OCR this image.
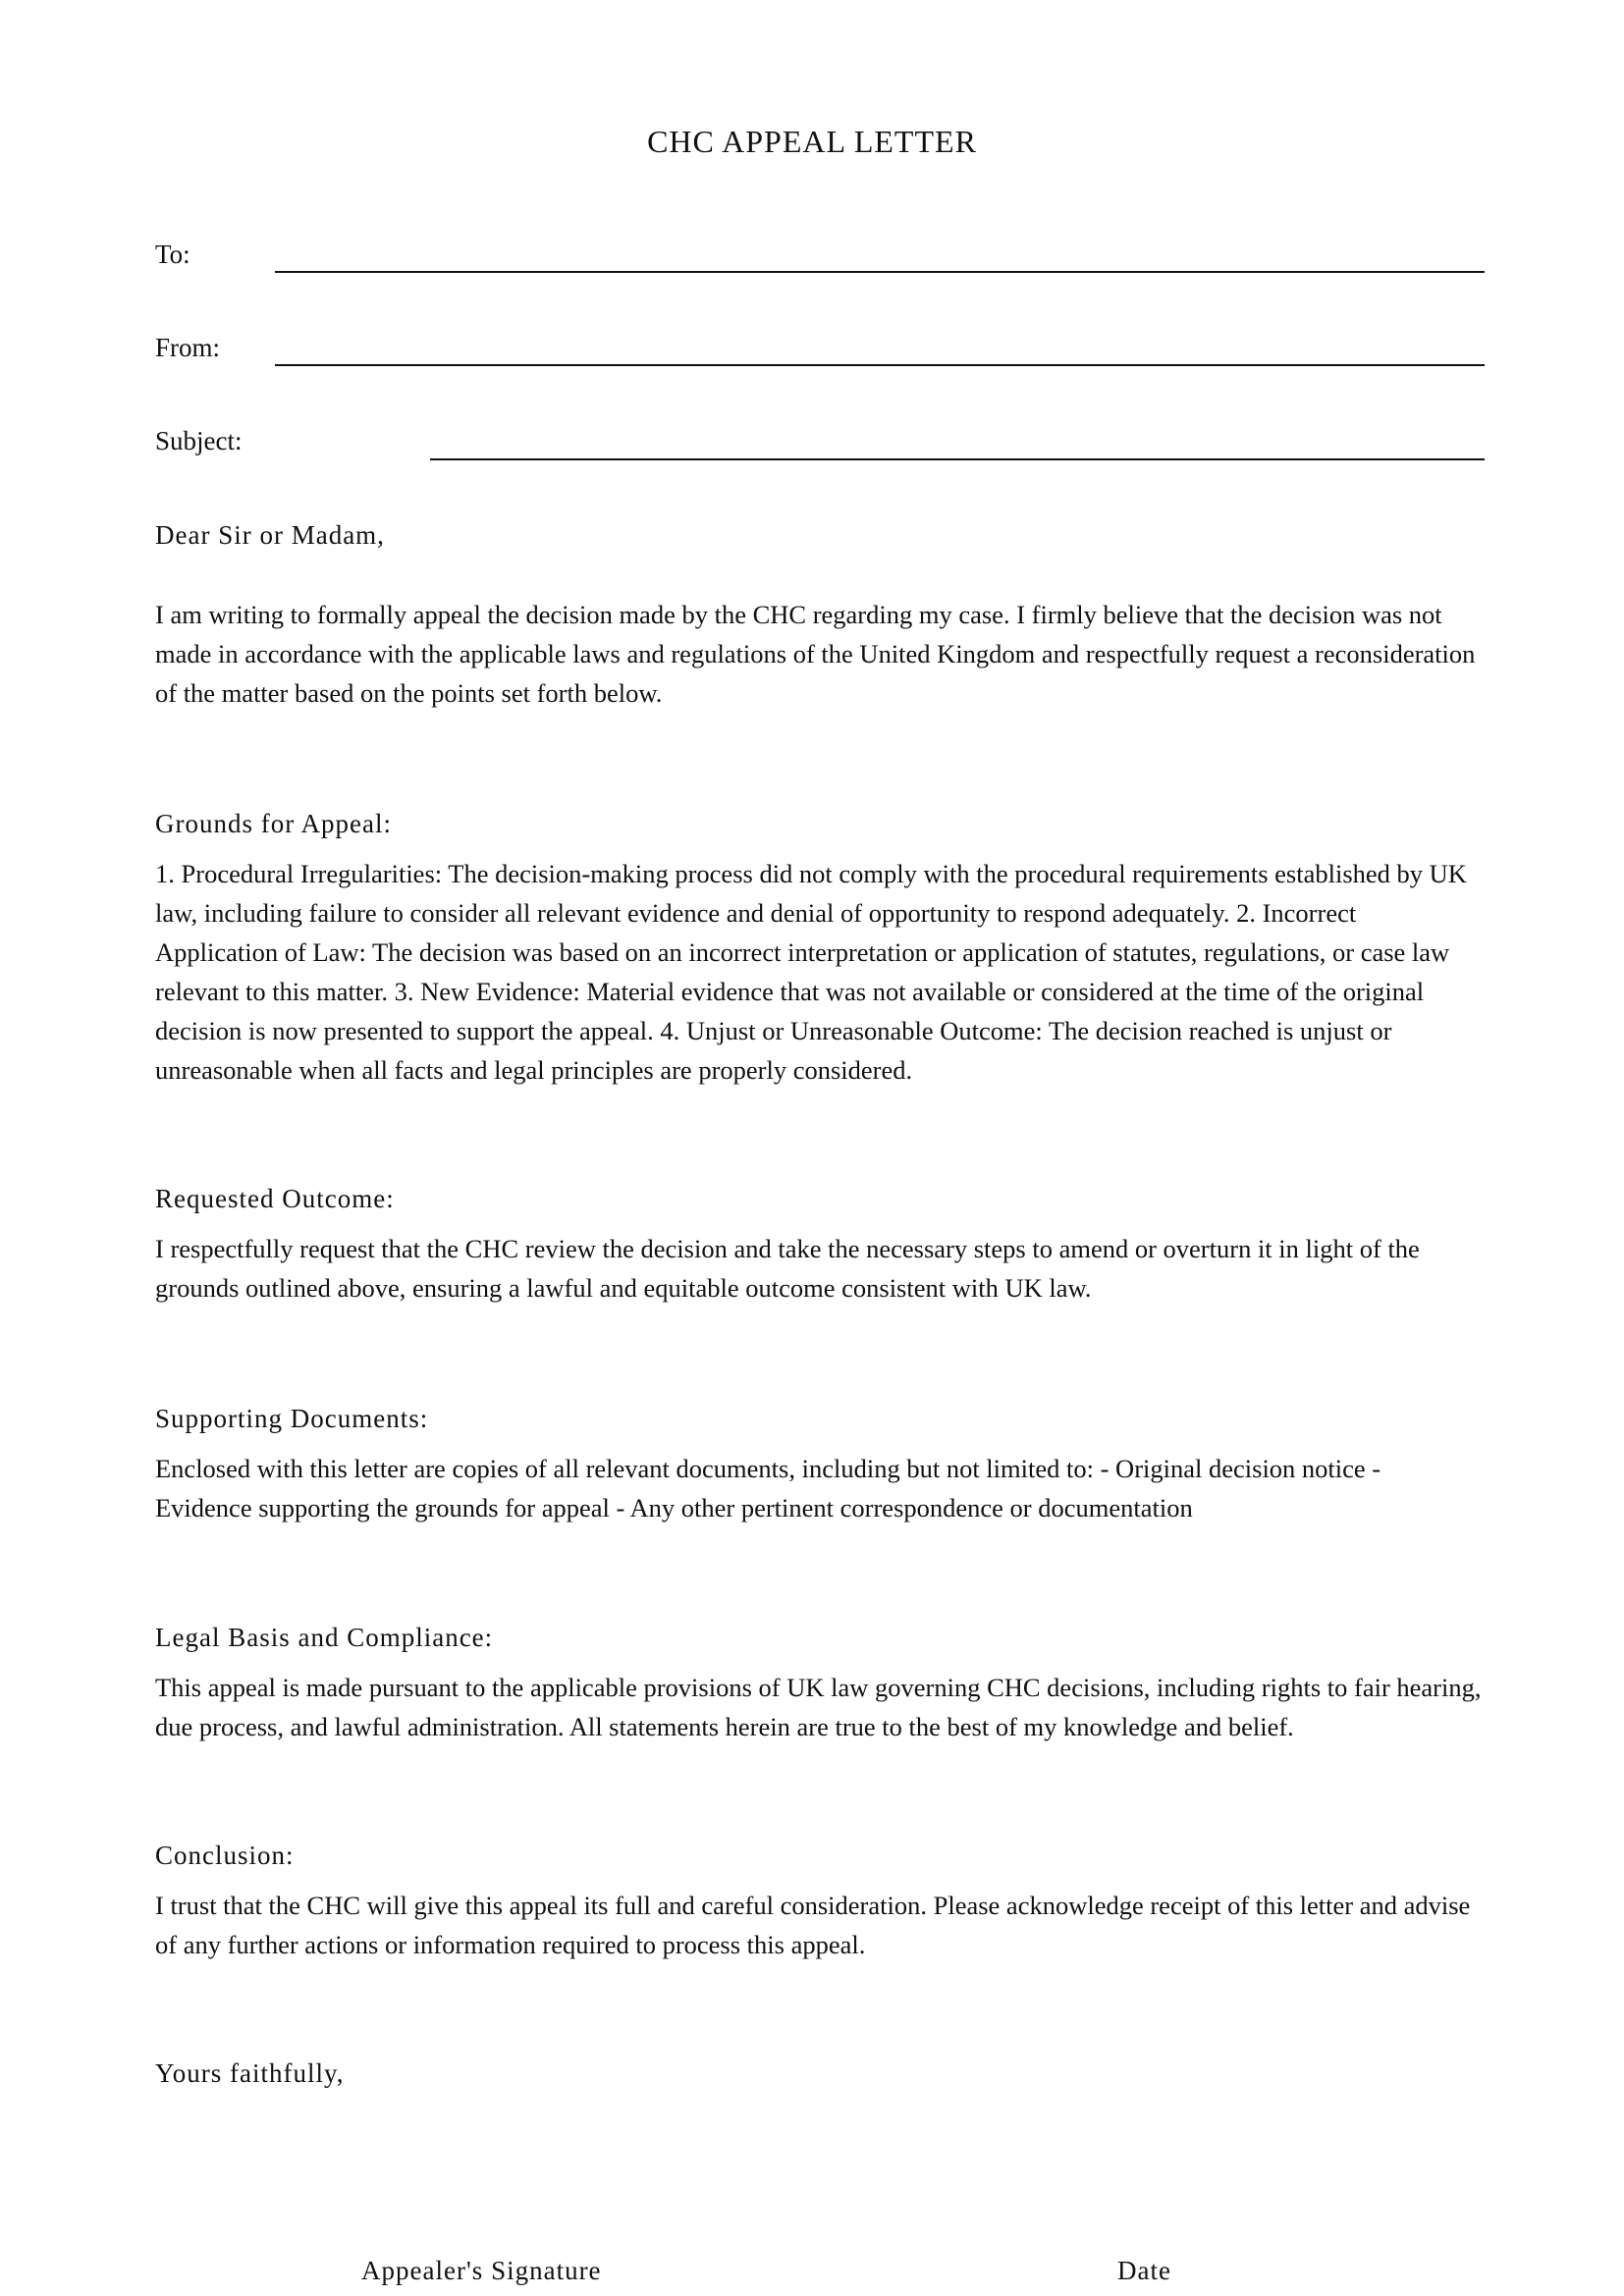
CHC APPEAL LETTER
To:
From:
Subject:
Dear Sir or Madam,
I am writing to formally appeal the decision made by the CHC regarding my case. I firmly believe that the decision was not made in accordance with the applicable laws and regulations of the United Kingdom and respectfully request a reconsideration of the matter based on the points set forth below.
Grounds for Appeal:
1. Procedural Irregularities: The decision-making process did not comply with the procedural requirements established by UK law, including failure to consider all relevant evidence and denial of opportunity to respond adequately. 2. Incorrect Application of Law: The decision was based on an incorrect interpretation or application of statutes, regulations, or case law relevant to this matter. 3. New Evidence: Material evidence that was not available or considered at the time of the original decision is now presented to support the appeal. 4. Unjust or Unreasonable Outcome: The decision reached is unjust or unreasonable when all facts and legal principles are properly considered.
Requested Outcome:
I respectfully request that the CHC review the decision and take the necessary steps to amend or overturn it in light of the grounds outlined above, ensuring a lawful and equitable outcome consistent with UK law.
Supporting Documents:
Enclosed with this letter are copies of all relevant documents, including but not limited to: - Original decision notice - Evidence supporting the grounds for appeal - Any other pertinent correspondence or documentation
Legal Basis and Compliance:
This appeal is made pursuant to the applicable provisions of UK law governing CHC decisions, including rights to fair hearing, due process, and lawful administration. All statements herein are true to the best of my knowledge and belief.
Conclusion:
I trust that the CHC will give this appeal its full and careful consideration. Please acknowledge receipt of this letter and advise of any further actions or information required to process this appeal.
Yours faithfully,
Appealer's Signature	Date
